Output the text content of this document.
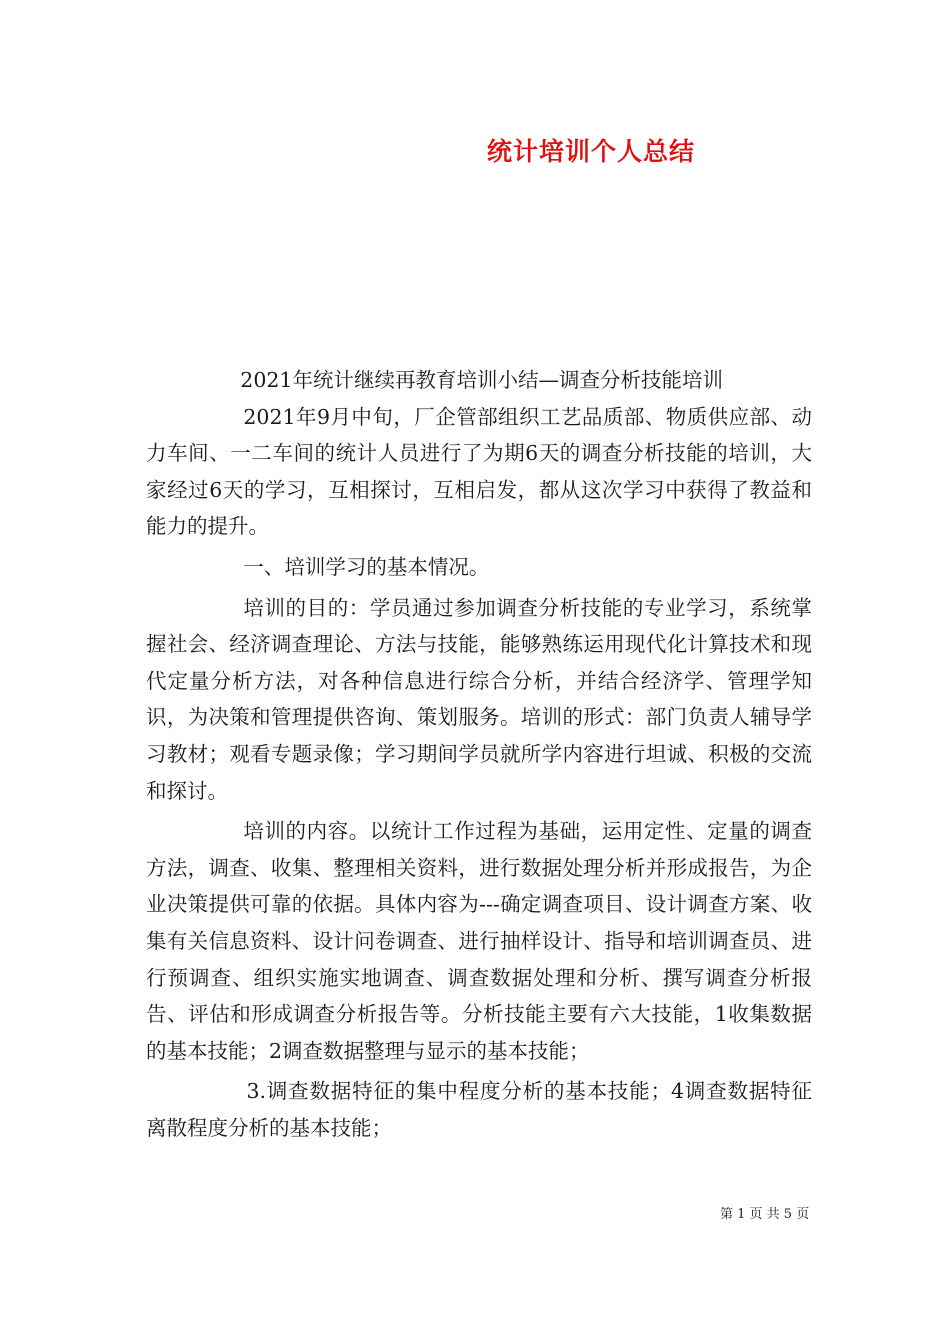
统计培训个人总结

2021年统计继续再教育培训小结—调查分析技能培训

2021年9月中旬，厂企管部组织工艺品质部、物质供应部、动力车间、一二车间的统计人员进行了为期6天的调查分析技能的培训，大家经过6天的学习，互相探讨，互相启发，都从这次学习中获得了教益和能力的提升。

一、培训学习的基本情况。

培训的目的：学员通过参加调查分析技能的专业学习，系统掌握社会、经济调查理论、方法与技能，能够熟练运用现代化计算技术和现代定量分析方法，对各种信息进行综合分析，并结合经济学、管理学知识，为决策和管理提供咨询、策划服务。培训的形式：部门负责人辅导学习教材；观看专题录像；学习期间学员就所学内容进行坦诚、积极的交流和探讨。

培训的内容。以统计工作过程为基础，运用定性、定量的调查方法，调查、收集、整理相关资料，进行数据处理分析并形成报告，为企业决策提供可靠的依据。具体内容为---确定调查项目、设计调查方案、收集有关信息资料、设计问卷调查、进行抽样设计、指导和培训调查员、进行预调查、组织实施实地调查、调查数据处理和分析、撰写调查分析报告、评估和形成调查分析报告等。分析技能主要有六大技能，1收集数据的基本技能；2调查数据整理与显示的基本技能；

3.调查数据特征的集中程度分析的基本技能；4调查数据特征离散程度分析的基本技能；

第 1 页 共 5 页
